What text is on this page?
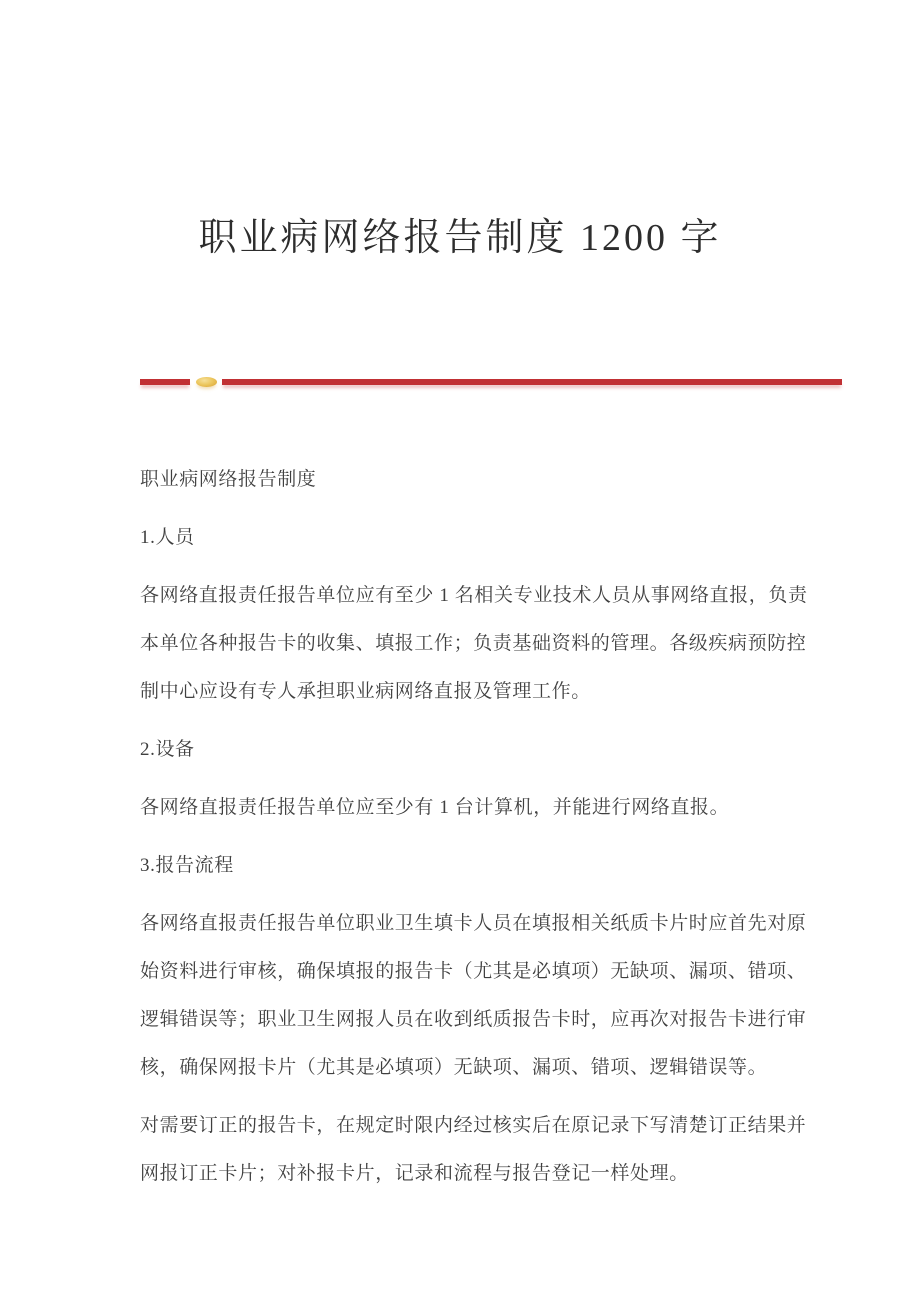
职业病网络报告制度 1200 字

职业病网络报告制度

1.人员

各网络直报责任报告单位应有至少 1 名相关专业技术人员从事网络直报，负责
本单位各种报告卡的收集、填报工作；负责基础资料的管理。各级疾病预防控
制中心应设有专人承担职业病网络直报及管理工作。

2.设备

各网络直报责任报告单位应至少有 1 台计算机，并能进行网络直报。

3.报告流程

各网络直报责任报告单位职业卫生填卡人员在填报相关纸质卡片时应首先对原
始资料进行审核，确保填报的报告卡（尤其是必填项）无缺项、漏项、错项、
逻辑错误等；职业卫生网报人员在收到纸质报告卡时，应再次对报告卡进行审
核，确保网报卡片（尤其是必填项）无缺项、漏项、错项、逻辑错误等。

对需要订正的报告卡，在规定时限内经过核实后在原记录下写清楚订正结果并
网报订正卡片；对补报卡片，记录和流程与报告登记一样处理。
